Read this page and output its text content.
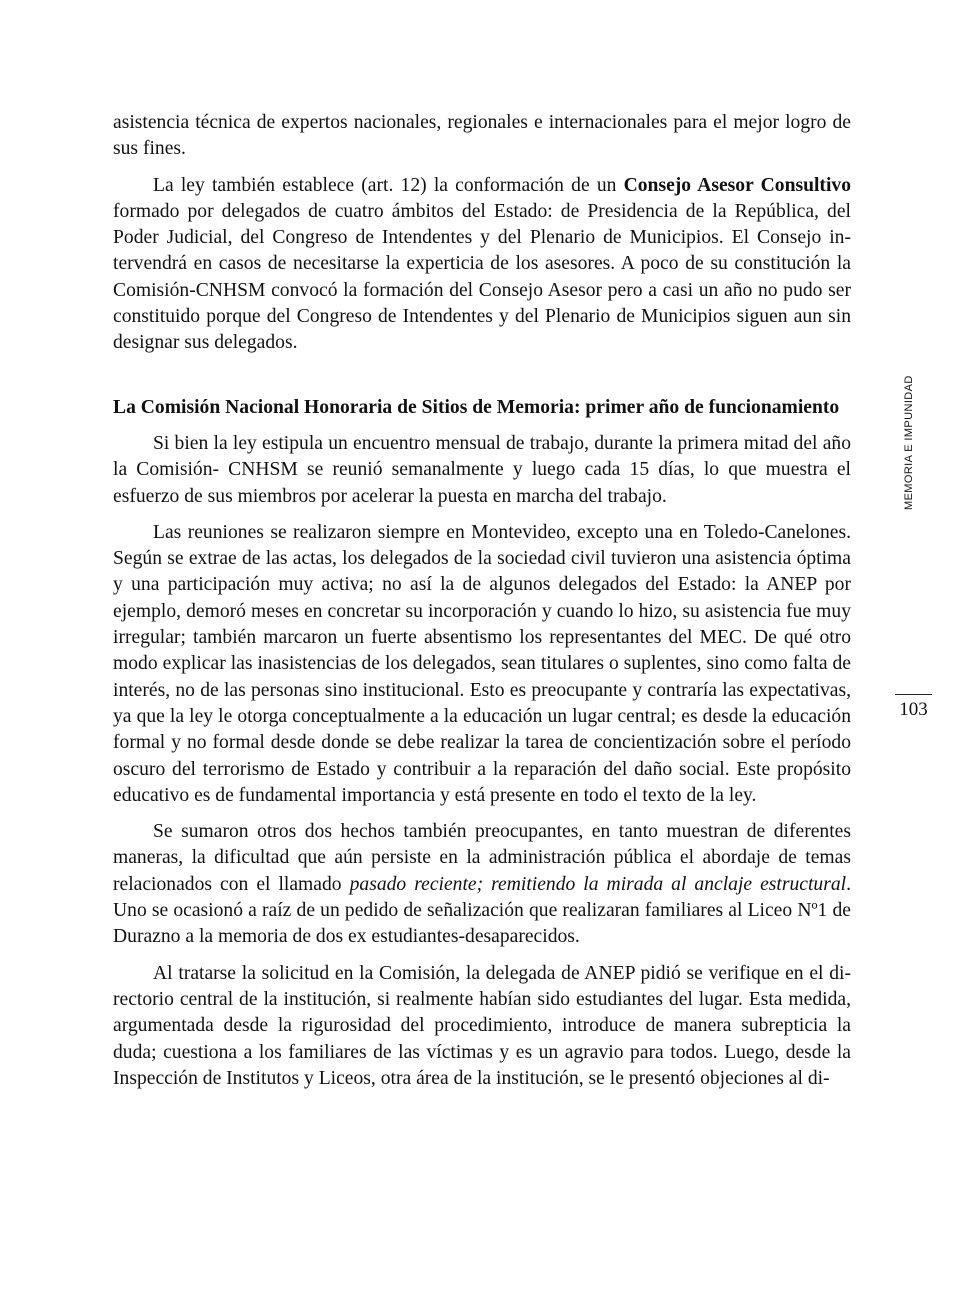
asistencia técnica de expertos nacionales, regionales e internacionales para el mejor logro de sus fines.

La ley también establece (art. 12) la conformación de un Consejo Asesor Consultivo formado por delegados de cuatro ámbitos del Estado: de Presidencia de la República, del Poder Judicial, del Congreso de Intendentes y del Plenario de Municipios. El Consejo intervendrá en casos de necesitarse la experticia de los asesores. A poco de su constitución la Comisión-CNHSM convocó la formación del Consejo Asesor pero a casi un año no pudo ser constituido porque del Congreso de Intendentes y del Plenario de Municipios siguen aun sin designar sus delegados.

La Comisión Nacional Honoraria de Sitios de Memoria: primer año de funcionamiento

Si bien la ley estipula un encuentro mensual de trabajo, durante la primera mitad del año la Comisión- CNHSM se reunió semanalmente y luego cada 15 días, lo que muestra el esfuerzo de sus miembros por acelerar la puesta en marcha del trabajo.

Las reuniones se realizaron siempre en Montevideo, excepto una en Toledo-Canelones. Según se extrae de las actas, los delegados de la sociedad civil tuvieron una asistencia óptima y una participación muy activa; no así la de algunos delegados del Estado: la ANEP por ejemplo, demoró meses en concretar su incorporación y cuando lo hizo, su asistencia fue muy irregular; también marcaron un fuerte absentismo los representantes del MEC. De qué otro modo explicar las inasistencias de los delegados, sean titulares o suplentes, sino como falta de interés, no de las personas sino institucional. Esto es preocupante y contraría las expectativas, ya que la ley le otorga conceptualmente a la educación un lugar central; es desde la educación formal y no formal desde donde se debe realizar la tarea de concientización sobre el período oscuro del terrorismo de Estado y contribuir a la reparación del daño social. Este propósito educativo es de fundamental importancia y está presente en todo el texto de la ley.

Se sumaron otros dos hechos también preocupantes, en tanto muestran de diferentes maneras, la dificultad que aún persiste en la administración pública el abordaje de temas relacionados con el llamado pasado reciente; remitiendo la mirada al anclaje estructural. Uno se ocasionó a raíz de un pedido de señalización que realizaran familiares al Liceo Nº1 de Durazno a la memoria de dos ex estudiantes-desaparecidos.

Al tratarse la solicitud en la Comisión, la delegada de ANEP pidió se verifique en el directorio central de la institución, si realmente habían sido estudiantes del lugar. Esta medida, argumentada desde la rigurosidad del procedimiento, introduce de manera subrepticia la duda; cuestiona a los familiares de las víctimas y es un agravio para todos. Luego, desde la Inspección de Institutos y Liceos, otra área de la institución, se le presentó objeciones al di-

MEMORIA E IMPUNIDAD
103
